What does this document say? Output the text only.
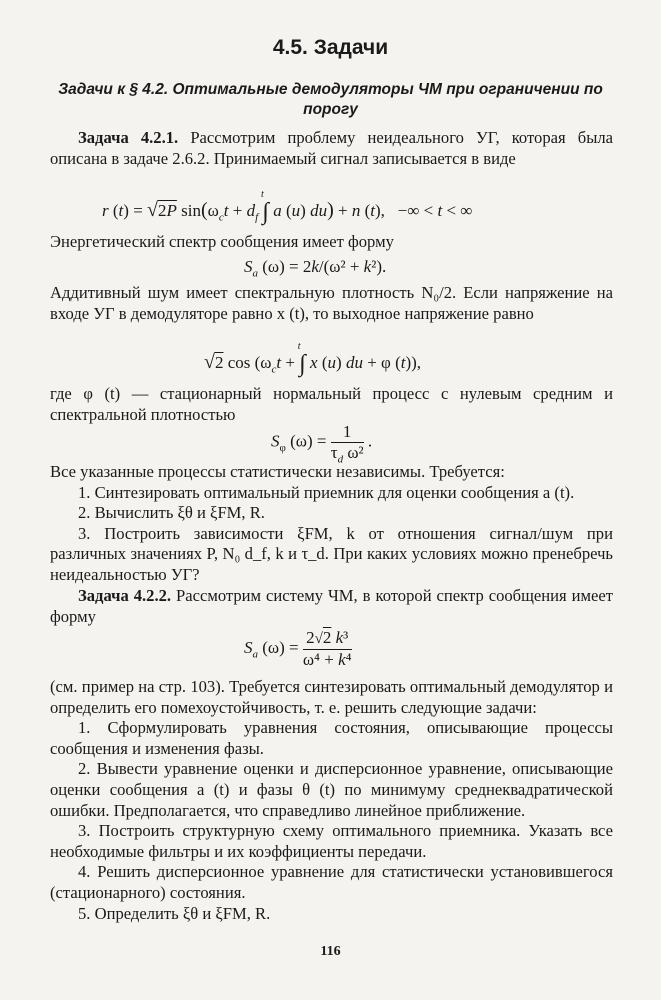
4.5. Задачи
Задачи к § 4.2. Оптимальные демодуляторы ЧМ при ограничении по порогу

Задача 4.2.1. Рассмотрим проблему неидеального УГ, которая была описана в задаче 2.6.2. Принимаемый сигнал записывается в виде

r (t) = √2P $\sin(\omega_ct + d_f$ ∫
t
a (u) du) + n (t),   −∞ < t < ∞

Энергетический спектр сообщения имеет форму

$S_a$ (ω) = 2k/(ω² + k²).

Аддитивный шум имеет спектральную плотность N₀/2. Если напряжение на входе УГ в демодуляторе равно x (t), то выходное напряжение равно

√2 $\cos (\omega_ct$ + ∫
t
x (u) du + φ (t)),

где φ (t) — стационарный нормальный процесс с нулевым средним и спектральной плотностью

$S_\varphi$ $(\omega) = \frac{1}{\tau_d \omega^2}$ .

Все указанные процессы статистически независимы. Требуется:

1. Синтезировать оптимальный приемник для оценки сообщения a (t).

2. Вычислить ξθ и ξFM, R.

3. Построить зависимости ξFM, k от отношения сигнал/шум при различных значениях P, N₀ d_f, k и τ_d. При каких условиях можно пренебречь неидеальностью УГ?

Задача 4.2.2. Рассмотрим систему ЧМ, в которой спектр сообщения имеет форму

$S_a$ $(\omega) = \frac{\text{2√2 k³}}{\text{ω⁴ + k⁴}}$

(см. пример на стр. 103). Требуется синтезировать оптимальный демодулятор и определить его помехоустойчивость, т. е. решить следующие задачи:

1. Сформулировать уравнения состояния, описывающие процессы сообщения и изменения фазы.

2. Вывести уравнение оценки и дисперсионное уравнение, описывающие оценки сообщения a (t) и фазы θ (t) по минимуму среднеквадратической ошибки. Предполагается, что справедливо линейное приближение.

3. Построить структурную схему оптимального приемника. Указать все необходимые фильтры и их коэффициенты передачи.

4. Решить дисперсионное уравнение для статистически установившегося (стационарного) состояния.

5. Определить ξθ и ξFM, R.

116
